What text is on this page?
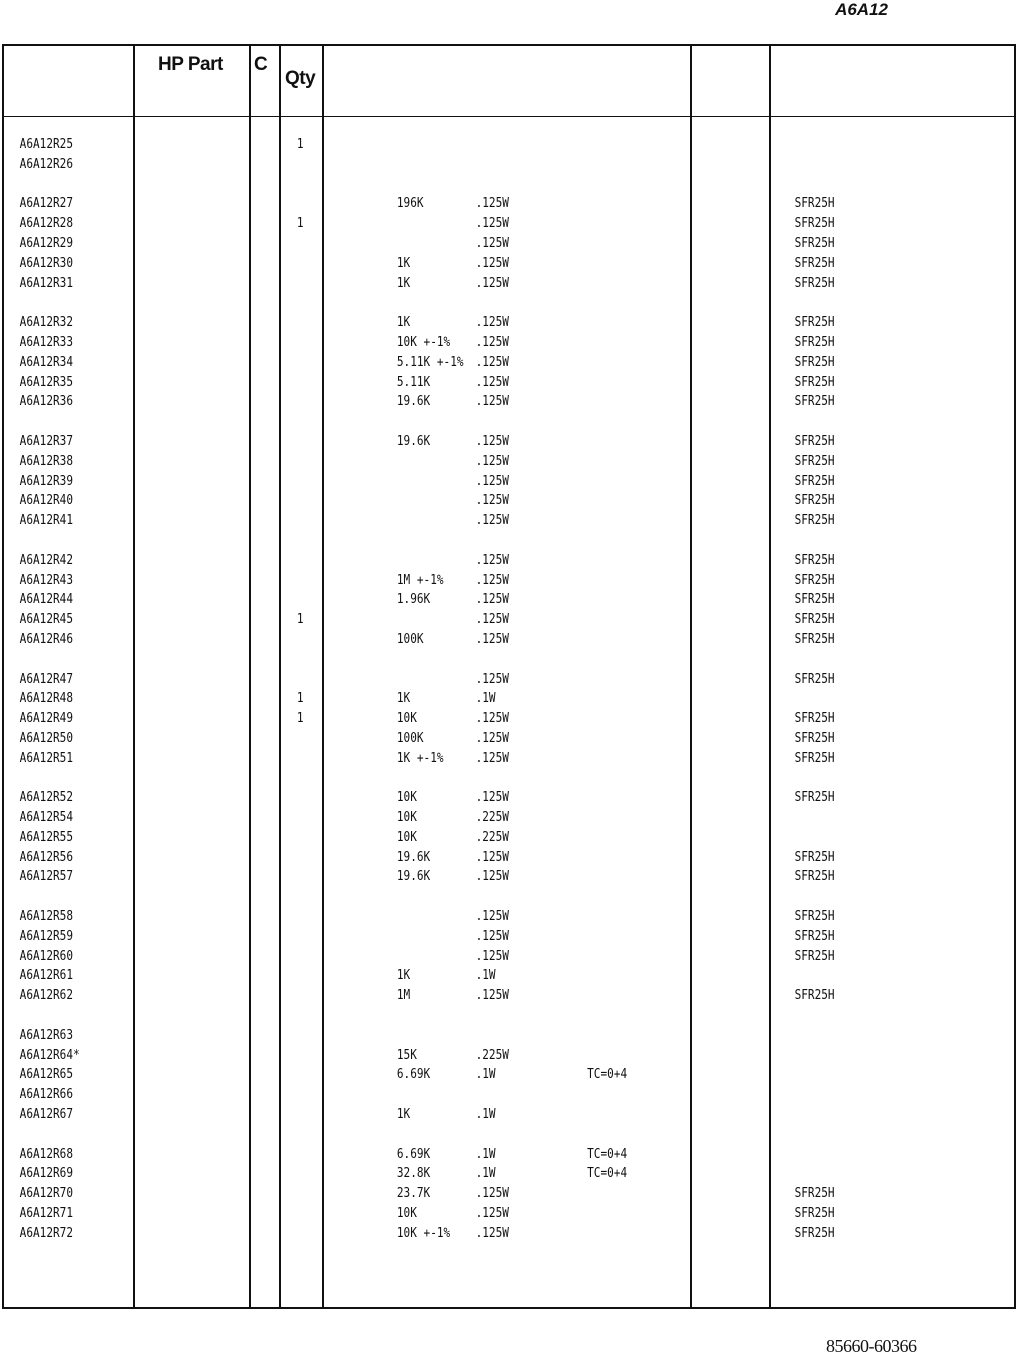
A6A12
HP Part C
Qty
A6A12R25	1
A6A12R26
A6A12R27	196K	.125W	SFR25H
A6A12R28	1	.125W	SFR25H
A6A12R29	.125W	SFR25H
A6A12R30	1K	.125W	SFR25H
A6A12R31	1K	.125W	SFR25H
A6A12R32	1K	.125W	SFR25H
A6A12R33	10K +-1% .125W	SFR25H
A6A12R34	5.11K +-1% .125W	SFR25H
A6A12R35	5.11K	.125W	SFR25H
A6A12R36	19.6K	.125W	SFR25H
A6A12R37	19.6K	.125W	SFR25H
A6A12R38	.125W	SFR25H
A6A12R39	.125W	SFR25H
A6A12R40	.125W	SFR25H
A6A12R41	.125W	SFR25H
A6A12R42	.125W	SFR25H
A6A12R43	1M +-1% .125W	SFR25H
A6A12R44	1.96K	.125W	SFR25H
A6A12R45	1	.125W	SFR25H
A6A12R46	100K	.125W	SFR25H
A6A12R47	.125W	SFR25H
A6A12R48	1	1K	.1W
A6A12R49	1	10K	.125W	SFR25H
A6A12R50	100K	.125W	SFR25H
A6A12R51	1K +-1% .125W	SFR25H
A6A12R52	10K	.125W	SFR25H
A6A12R54	10K	.225W
A6A12R55	10K	.225W
A6A12R56	19.6K	.125W	SFR25H
A6A12R57	19.6K	.125W	SFR25H
A6A12R58	.125W	SFR25H
A6A12R59	.125W	SFR25H
A6A12R60	.125W	SFR25H
A6A12R61	1K	.1W
A6A12R62	1M	.125W	SFR25H
A6A12R63
A6A12R64*	15K	.225W
A6A12R65	6.69K	.1W	TC=0+4
A6A12R66
A6A12R67	1K	.1W
A6A12R68	6.69K	.1W	TC=0+4
A6A12R69	32.8K	.1W	TC=0+4
A6A12R70	23.7K	.125W	SFR25H
A6A12R71	10K	.125W	SFR25H
A6A12R72	10K +-1% .125W	SFR25H
85660-60366
